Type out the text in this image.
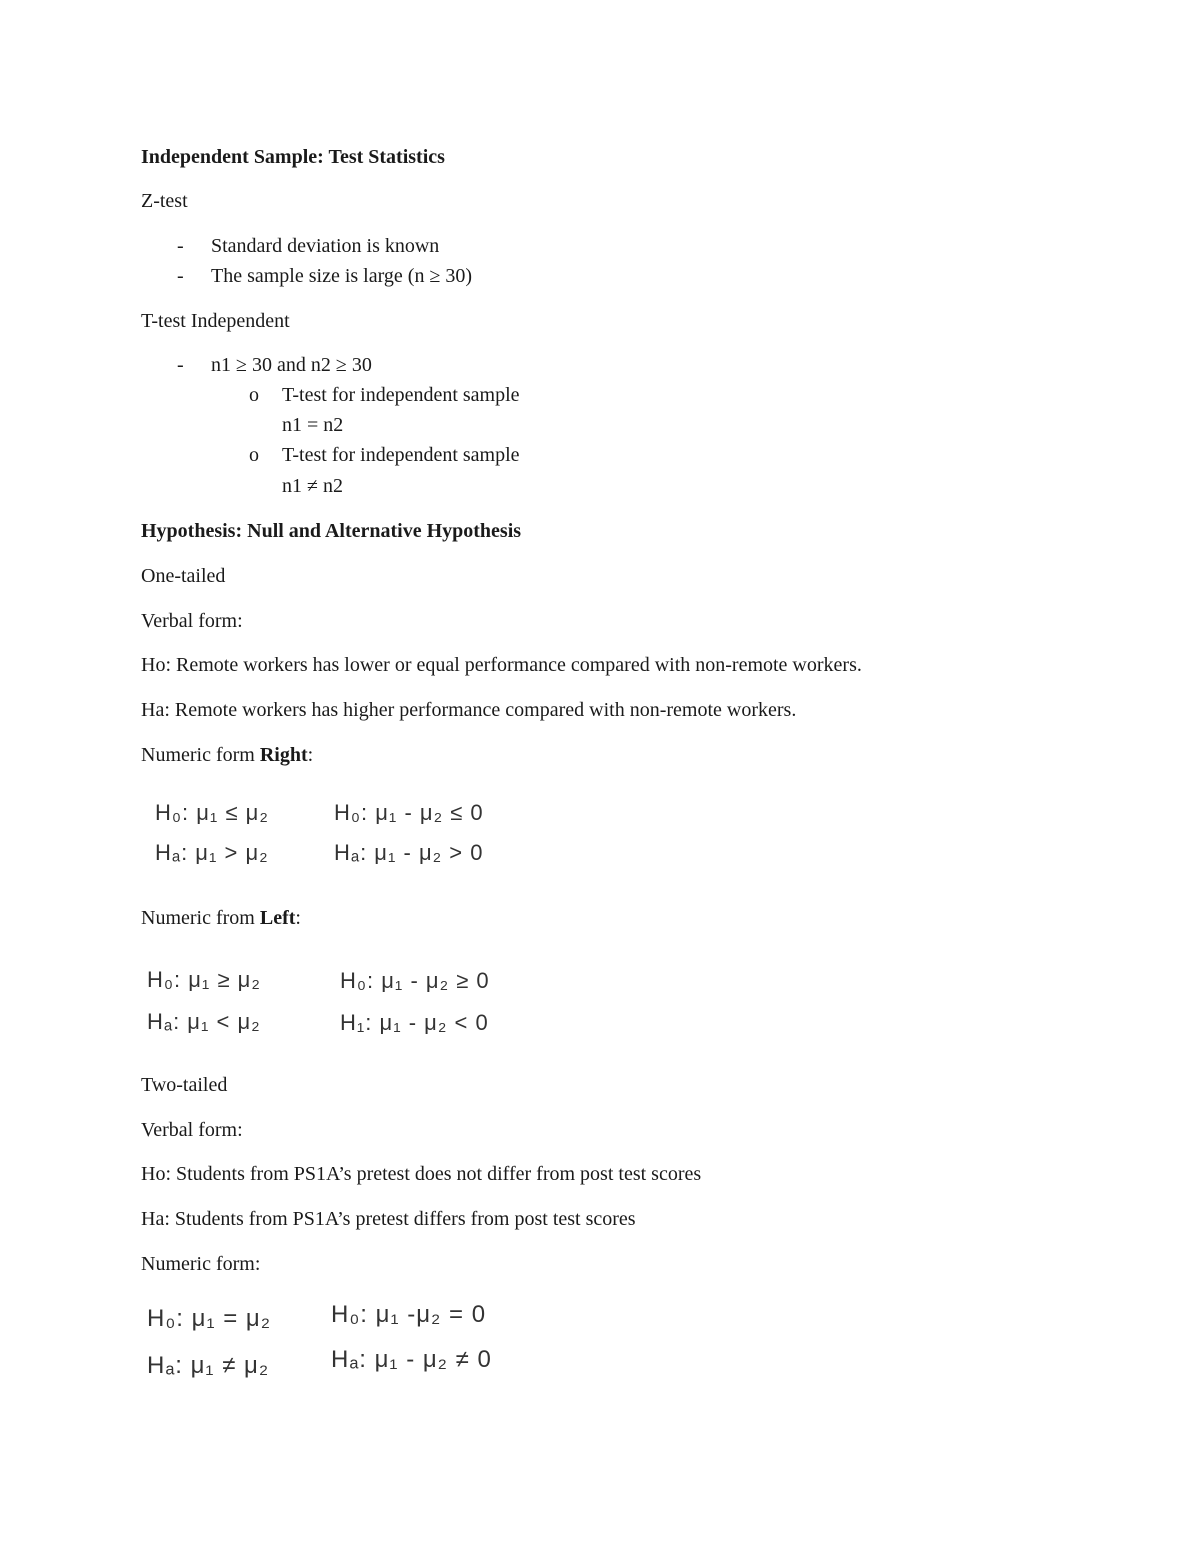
Independent Sample: Test Statistics
Z-test
- Standard deviation is known
- The sample size is large (n ≥ 30)
T-test Independent
- n1 ≥ 30 and n2 ≥ 30
o T-test for independent sample
n1 = n2
o T-test for independent sample
n1 ≠ n2
Hypothesis: Null and Alternative Hypothesis
One-tailed
Verbal form:
Ho: Remote workers has lower or equal performance compared with non-remote workers.
Ha: Remote workers has higher performance compared with non-remote workers.
Numeric form Right:
H₀: μ₁ ≤ μ₂
Hₐ: μ₁ > μ₂
H₀: μ₁ - μ₂ ≤ 0
Hₐ: μ₁ - μ₂ > 0
Numeric from Left:
H₀: μ₁ ≥ μ₂
Hₐ: μ₁ < μ₂
H₀: μ₁ - μ₂ ≥ 0
H₁: μ₁ - μ₂ < 0
Two-tailed
Verbal form:
Ho: Students from PS1A’s pretest does not differ from post test scores
Ha: Students from PS1A’s pretest differs from post test scores
Numeric form:
H₀: μ₁ = μ₂
Hₐ: μ₁ ≠ μ₂
H₀: μ₁ -μ₂ = 0
Hₐ: μ₁ - μ₂ ≠ 0
